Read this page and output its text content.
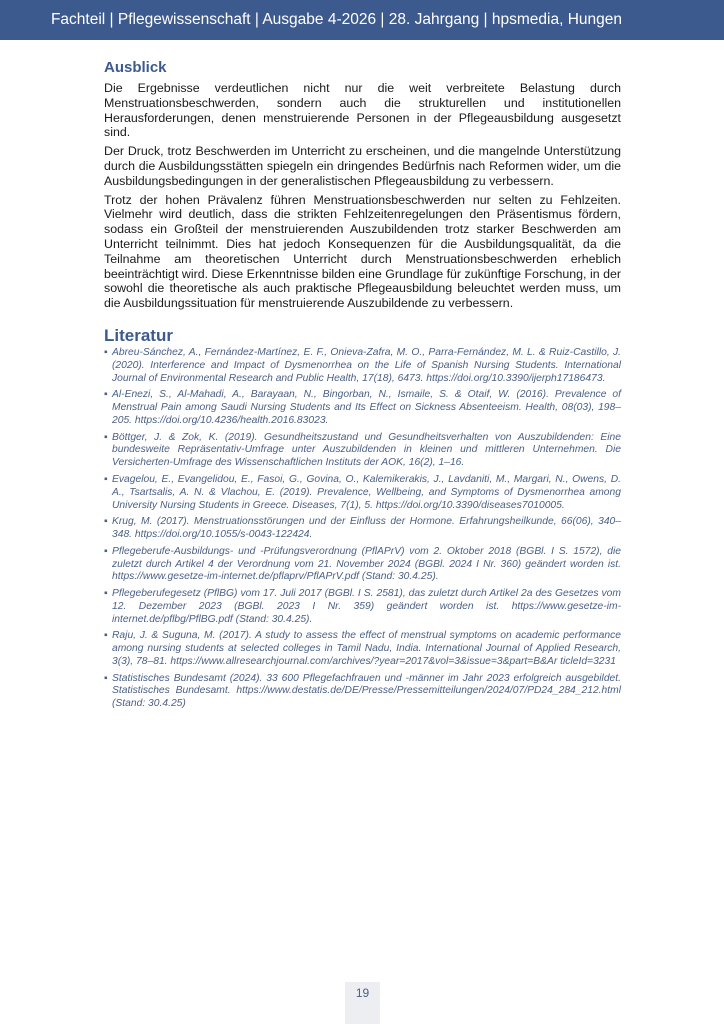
Fachteil | Pflegewissenschaft | Ausgabe 4-2026 | 28. Jahrgang | hpsmedia, Hungen
Ausblick

Die Ergebnisse verdeutlichen nicht nur die weit verbreitete Belastung durch Menstruationsbeschwerden, sondern auch die strukturellen und institutionellen Herausforderungen, denen menstruierende Personen in der Pflegeausbildung ausgesetzt sind.

Der Druck, trotz Beschwerden im Unterricht zu erscheinen, und die mangelnde Unterstützung durch die Ausbildungsstätten spiegeln ein dringendes Bedürfnis nach Reformen wider, um die Ausbildungsbedingungen in der generalistischen Pflegeausbildung zu verbessern.

Trotz der hohen Prävalenz führen Menstruationsbeschwerden nur selten zu Fehlzeiten. Vielmehr wird deutlich, dass die strikten Fehlzeitenregelungen den Präsentismus fördern, sodass ein Großteil der menstruierenden Auszubildenden trotz starker Beschwerden am Unterricht teilnimmt. Dies hat jedoch Konsequenzen für die Ausbildungsqualität, da die Teilnahme am theoretischen Unterricht durch Menstruationsbeschwerden erheblich beeinträchtigt wird. Diese Erkenntnisse bilden eine Grundlage für zukünftige Forschung, in der sowohl die theoretische als auch praktische Pflegeausbildung beleuchtet werden muss, um die Ausbildungssituation für menstruierende Auszubildende zu verbessern.

Literatur
▪ Abreu-Sánchez, A., Fernández-Martínez, E. F., Onieva-Zafra, M. O., Parra-Fernández, M. L. & Ruiz-Castillo, J. (2020). Interference and Impact of Dysmenorrhea on the Life of Spanish Nursing Students. International Journal of Environmental Research and Public Health, 17(18), 6473. https://doi.org/10.3390/ijerph17186473.
▪ Al-Enezi, S., Al-Mahadi, A., Barayaan, N., Bingorban, N., Ismaile, S. & Otaif, W. (2016). Prevalence of Menstrual Pain among Saudi Nursing Students and Its Effect on Sickness Absenteeism. Health, 08(03), 198–205. https://doi.org/10.4236/health.2016.83023.
▪ Böttger, J. & Zok, K. (2019). Gesundheitszustand und Gesundheitsverhalten von Auszubildenden: Eine bundesweite Repräsentativ-Umfrage unter Auszubildenden in kleinen und mittleren Unternehmen. Die Versicherten-Umfrage des Wissenschaftlichen Instituts der AOK, 16(2), 1–16.
▪ Evagelou, E., Evangelidou, E., Fasoi, G., Govina, O., Kalemikerakis, J., Lavdaniti, M., Margari, N., Owens, D. A., Tsartsalis, A. N. & Vlachou, E. (2019). Prevalence, Wellbeing, and Symptoms of Dysmenorrhea among University Nursing Students in Greece. Diseases, 7(1), 5. https://doi.org/10.3390/diseases7010005.
▪ Krug, M. (2017). Menstruationsstörungen und der Einfluss der Hormone. Erfahrungsheilkunde, 66(06), 340–348. https://doi.org/10.1055/s-0043-122424.
▪ Pflegeberufe-Ausbildungs- und -Prüfungsverordnung (PflAPrV) vom 2. Oktober 2018 (BGBl. I S. 1572), die zuletzt durch Artikel 4 der Verordnung vom 21. November 2024 (BGBl. 2024 I Nr. 360) geändert worden ist. https://www.gesetze-im-internet.de/pflaprv/PflAPrV.pdf (Stand: 30.4.25).
▪ Pflegeberufegesetz (PflBG) vom 17. Juli 2017 (BGBl. I S. 2581), das zuletzt durch Artikel 2a des Gesetzes vom 12. Dezember 2023 (BGBl. 2023 I Nr. 359) geändert worden ist. https://www.gesetze-im-internet.de/pflbg/PflBG.pdf (Stand: 30.4.25).
▪ Raju, J. & Suguna, M. (2017). A study to assess the effect of menstrual symptoms on academic performance among nursing students at selected colleges in Tamil Nadu, India. International Journal of Applied Research, 3(3), 78–81. https://www.allresearchjournal.com/archives/?year=2017&vol=3&issue=3&part=B&Ar ticleId=3231
▪ Statistisches Bundesamt (2024). 33 600 Pflegefachfrauen und -männer im Jahr 2023 erfolgreich ausgebildet. Statistisches Bundesamt. https://www.destatis.de/DE/Presse/Pressemitteilungen/2024/07/PD24_284_212.html (Stand: 30.4.25)
19
